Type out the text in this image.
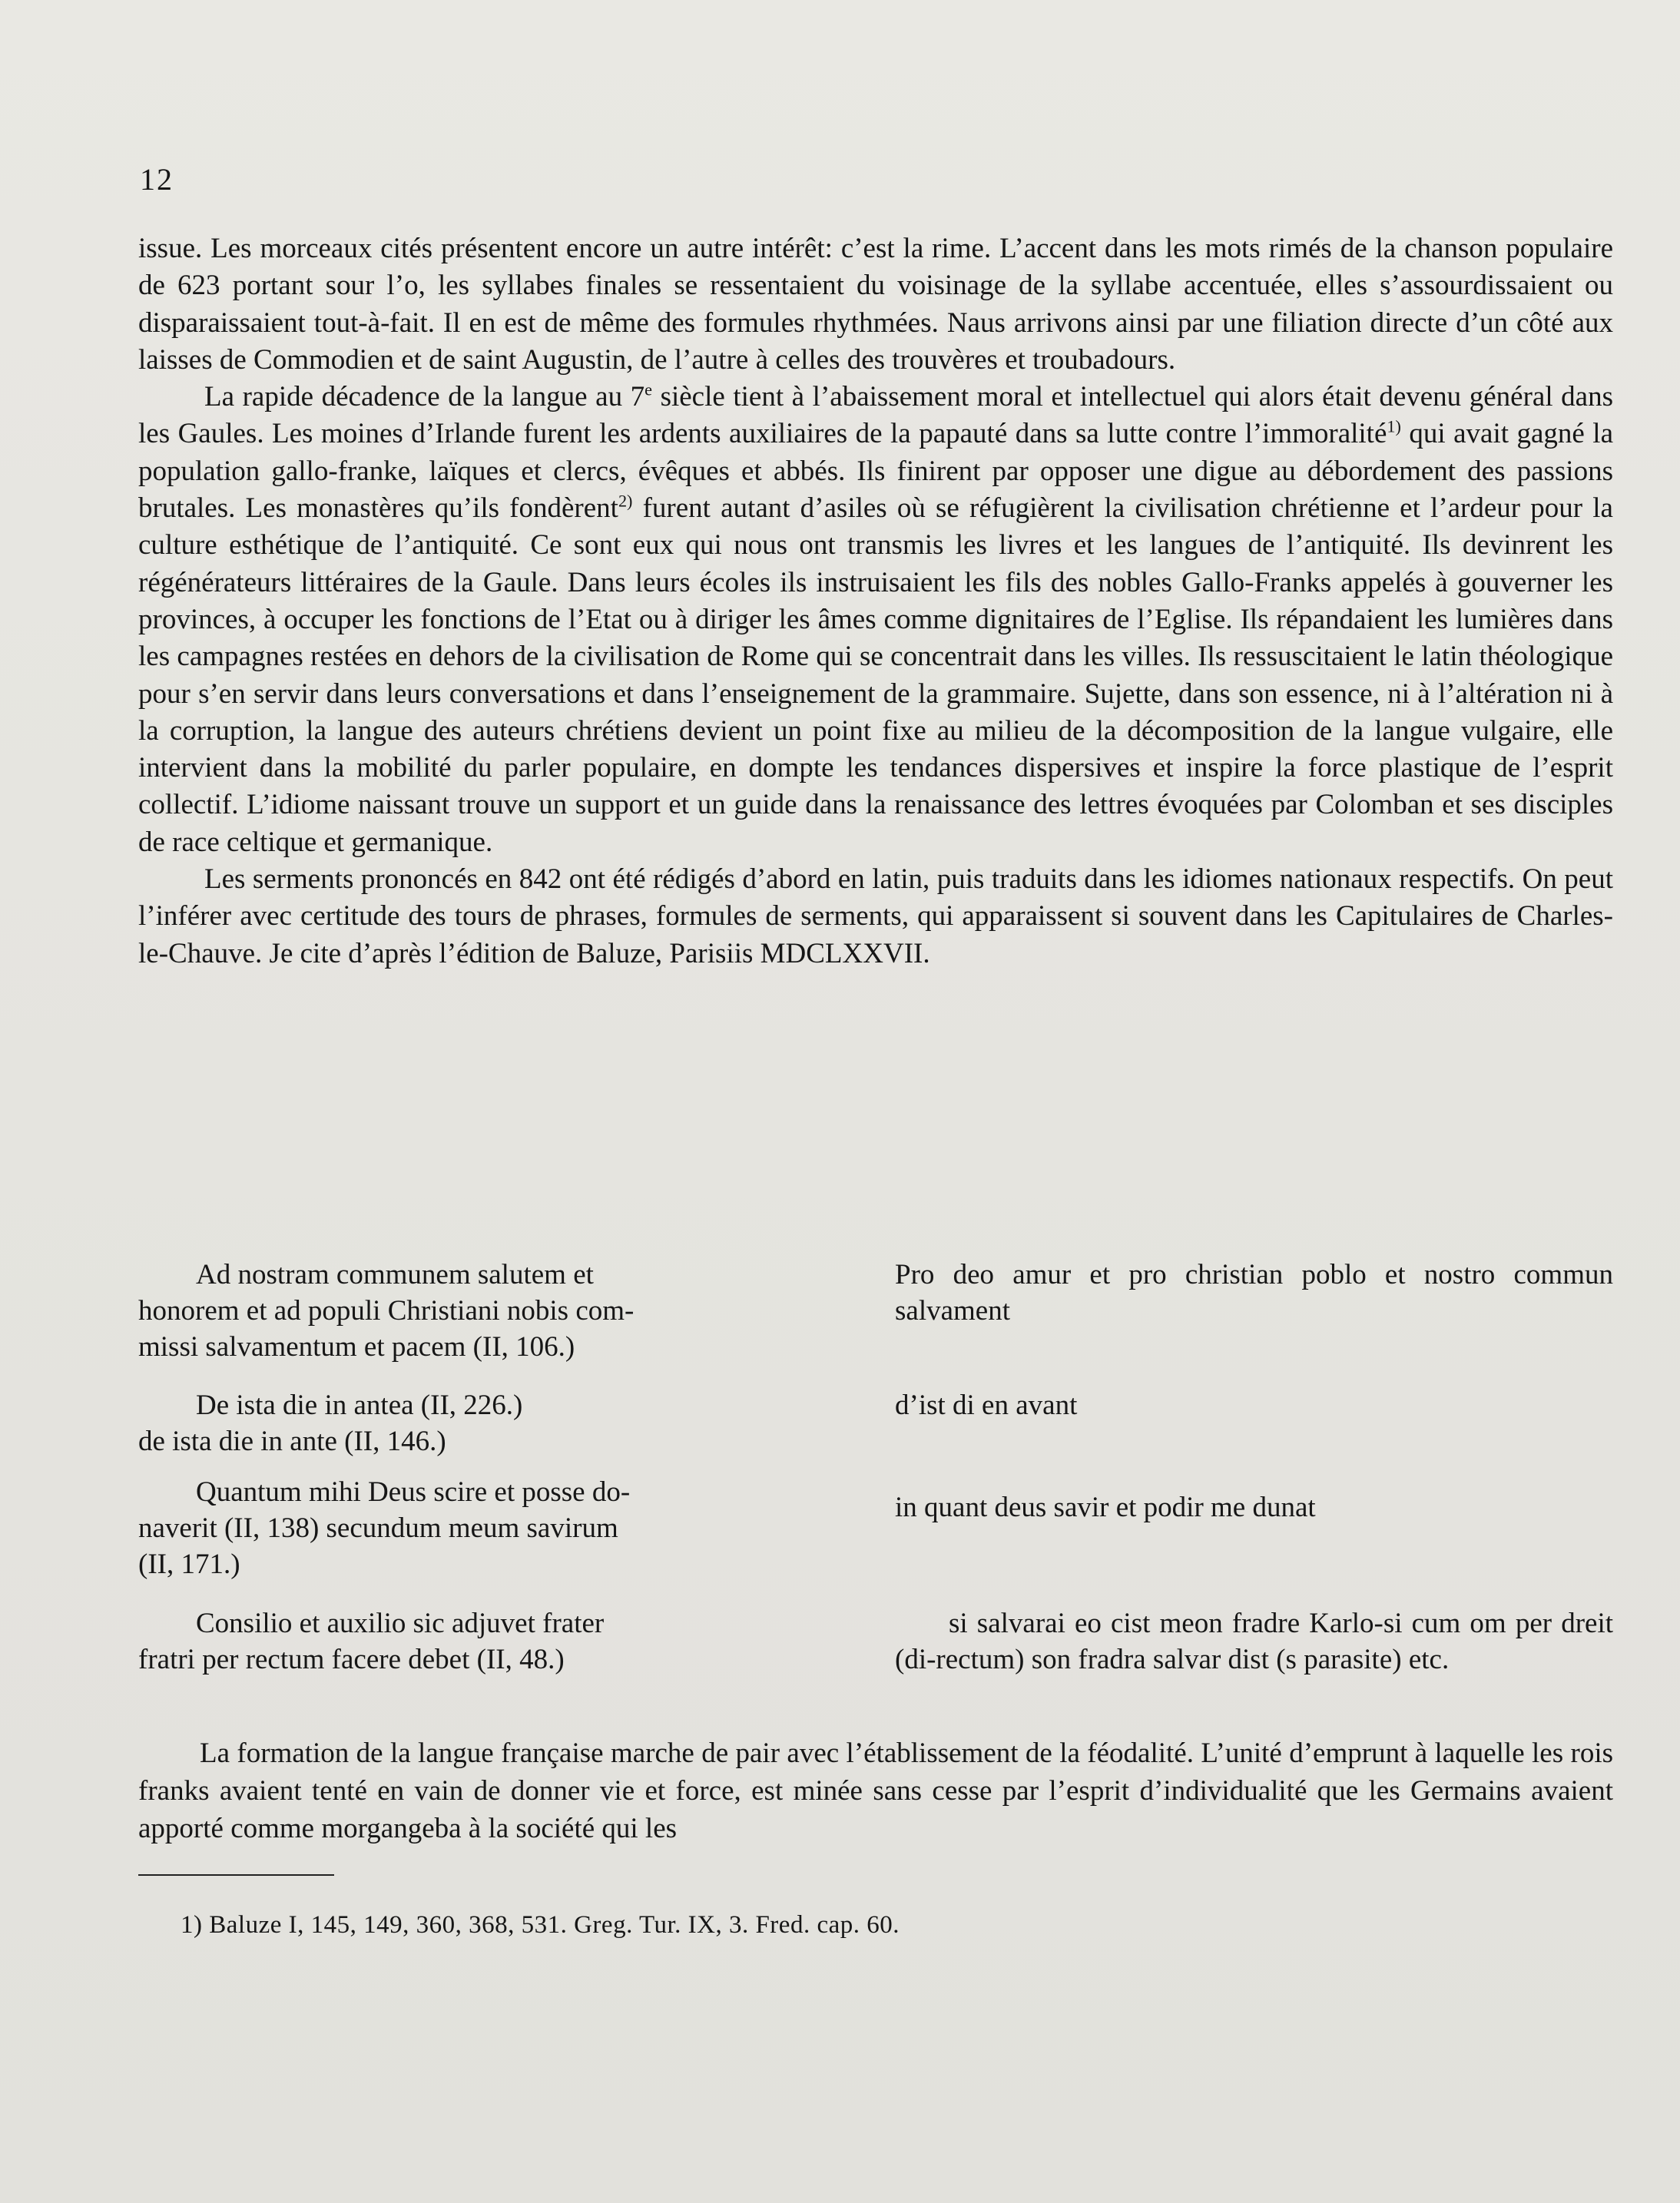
12

issue. Les morceaux cités présentent encore un autre intérêt: c’est la rime. L’accent dans les mots rimés de la chanson populaire de 623 portant sour l’o, les syllabes finales se ressentaient du voisinage de la syllabe accentuée, elles s’assourdissaient ou disparaissaient tout-à-fait. Il en est de même des formules rhythmées. Naus arrivons ainsi par une filiation directe d’un côté aux laisses de Commodien et de saint Augustin, de l’autre à celles des trouvères et troubadours.

La rapide décadence de la langue au 7e siècle tient à l’abaissement moral et intellectuel qui alors était devenu général dans les Gaules. Les moines d’Irlande furent les ardents auxiliaires de la papauté dans sa lutte contre l’immoralité$^{1)}$ qui avait gagné la population gallo-franke, laïques et clercs, évêques et abbés. Ils finirent par opposer une digue au débordement des passions brutales. Les monastères qu’ils fondèrent$^{2)}$ furent autant d’asiles où se réfugièrent la civilisation chrétienne et l’ardeur pour la culture esthétique de l’antiquité. Ce sont eux qui nous ont transmis les livres et les langues de l’antiquité. Ils devinrent les régénérateurs littéraires de la Gaule. Dans leurs écoles ils instruisaient les fils des nobles Gallo-Franks appelés à gouverner les provinces, à occuper les fonctions de l’Etat ou à diriger les âmes comme dignitaires de l’Eglise. Ils répandaient les lumières dans les campagnes restées en dehors de la civilisation de Rome qui se concentrait dans les villes. Ils ressuscitaient le latin théologique pour s’en servir dans leurs conversations et dans l’enseignement de la grammaire. Sujette, dans son essence, ni à l’altération ni à la corruption, la langue des auteurs chrétiens devient un point fixe au milieu de la décomposition de la langue vulgaire, elle intervient dans la mobilité du parler populaire, en dompte les tendances dispersives et inspire la force plastique de l’esprit collectif. L’idiome naissant trouve un support et un guide dans la renaissance des lettres évoquées par Colomban et ses disciples de race celtique et germanique.

Les serments prononcés en 842 ont été rédigés d’abord en latin, puis traduits dans les idiomes nationaux respectifs. On peut l’inférer avec certitude des tours de phrases, formules de serments, qui apparaissent si souvent dans les Capitulaires de Charles-le-Chauve. Je cite d’après l’édition de Baluze, Parisiis MDCLXXVII.

Ad nostram communem salutem et
honorem et ad populi Christiani nobis com-
missi salvamentum et pacem (II, 106.)
Pro deo amur et pro christian poblo et nostro commun salvament
De ista die in antea (II, 226.)
de ista die in ante (II, 146.)
d’ist di en avant
Quantum mihi Deus scire et posse do-
naverit (II, 138) secundum meum savirum
(II, 171.)
in quant deus savir et podir me dunat
Consilio et auxilio sic adjuvet frater
fratri per rectum facere debet (II, 48.)
si salvarai eo cist meon fradre Karlo-si cum om per dreit (di-rectum) son fradra salvar dist (s parasite) etc.

La formation de la langue française marche de pair avec l’établissement de la féodalité. L’unité d’emprunt à laquelle les rois franks avaient tenté en vain de donner vie et force, est minée sans cesse par l’esprit d’individualité que les Germains avaient apporté comme morgangeba à la société qui les

1) Baluze I, 145, 149, 360, 368, 531. Greg. Tur. IX, 3. Fred. cap. 60.
